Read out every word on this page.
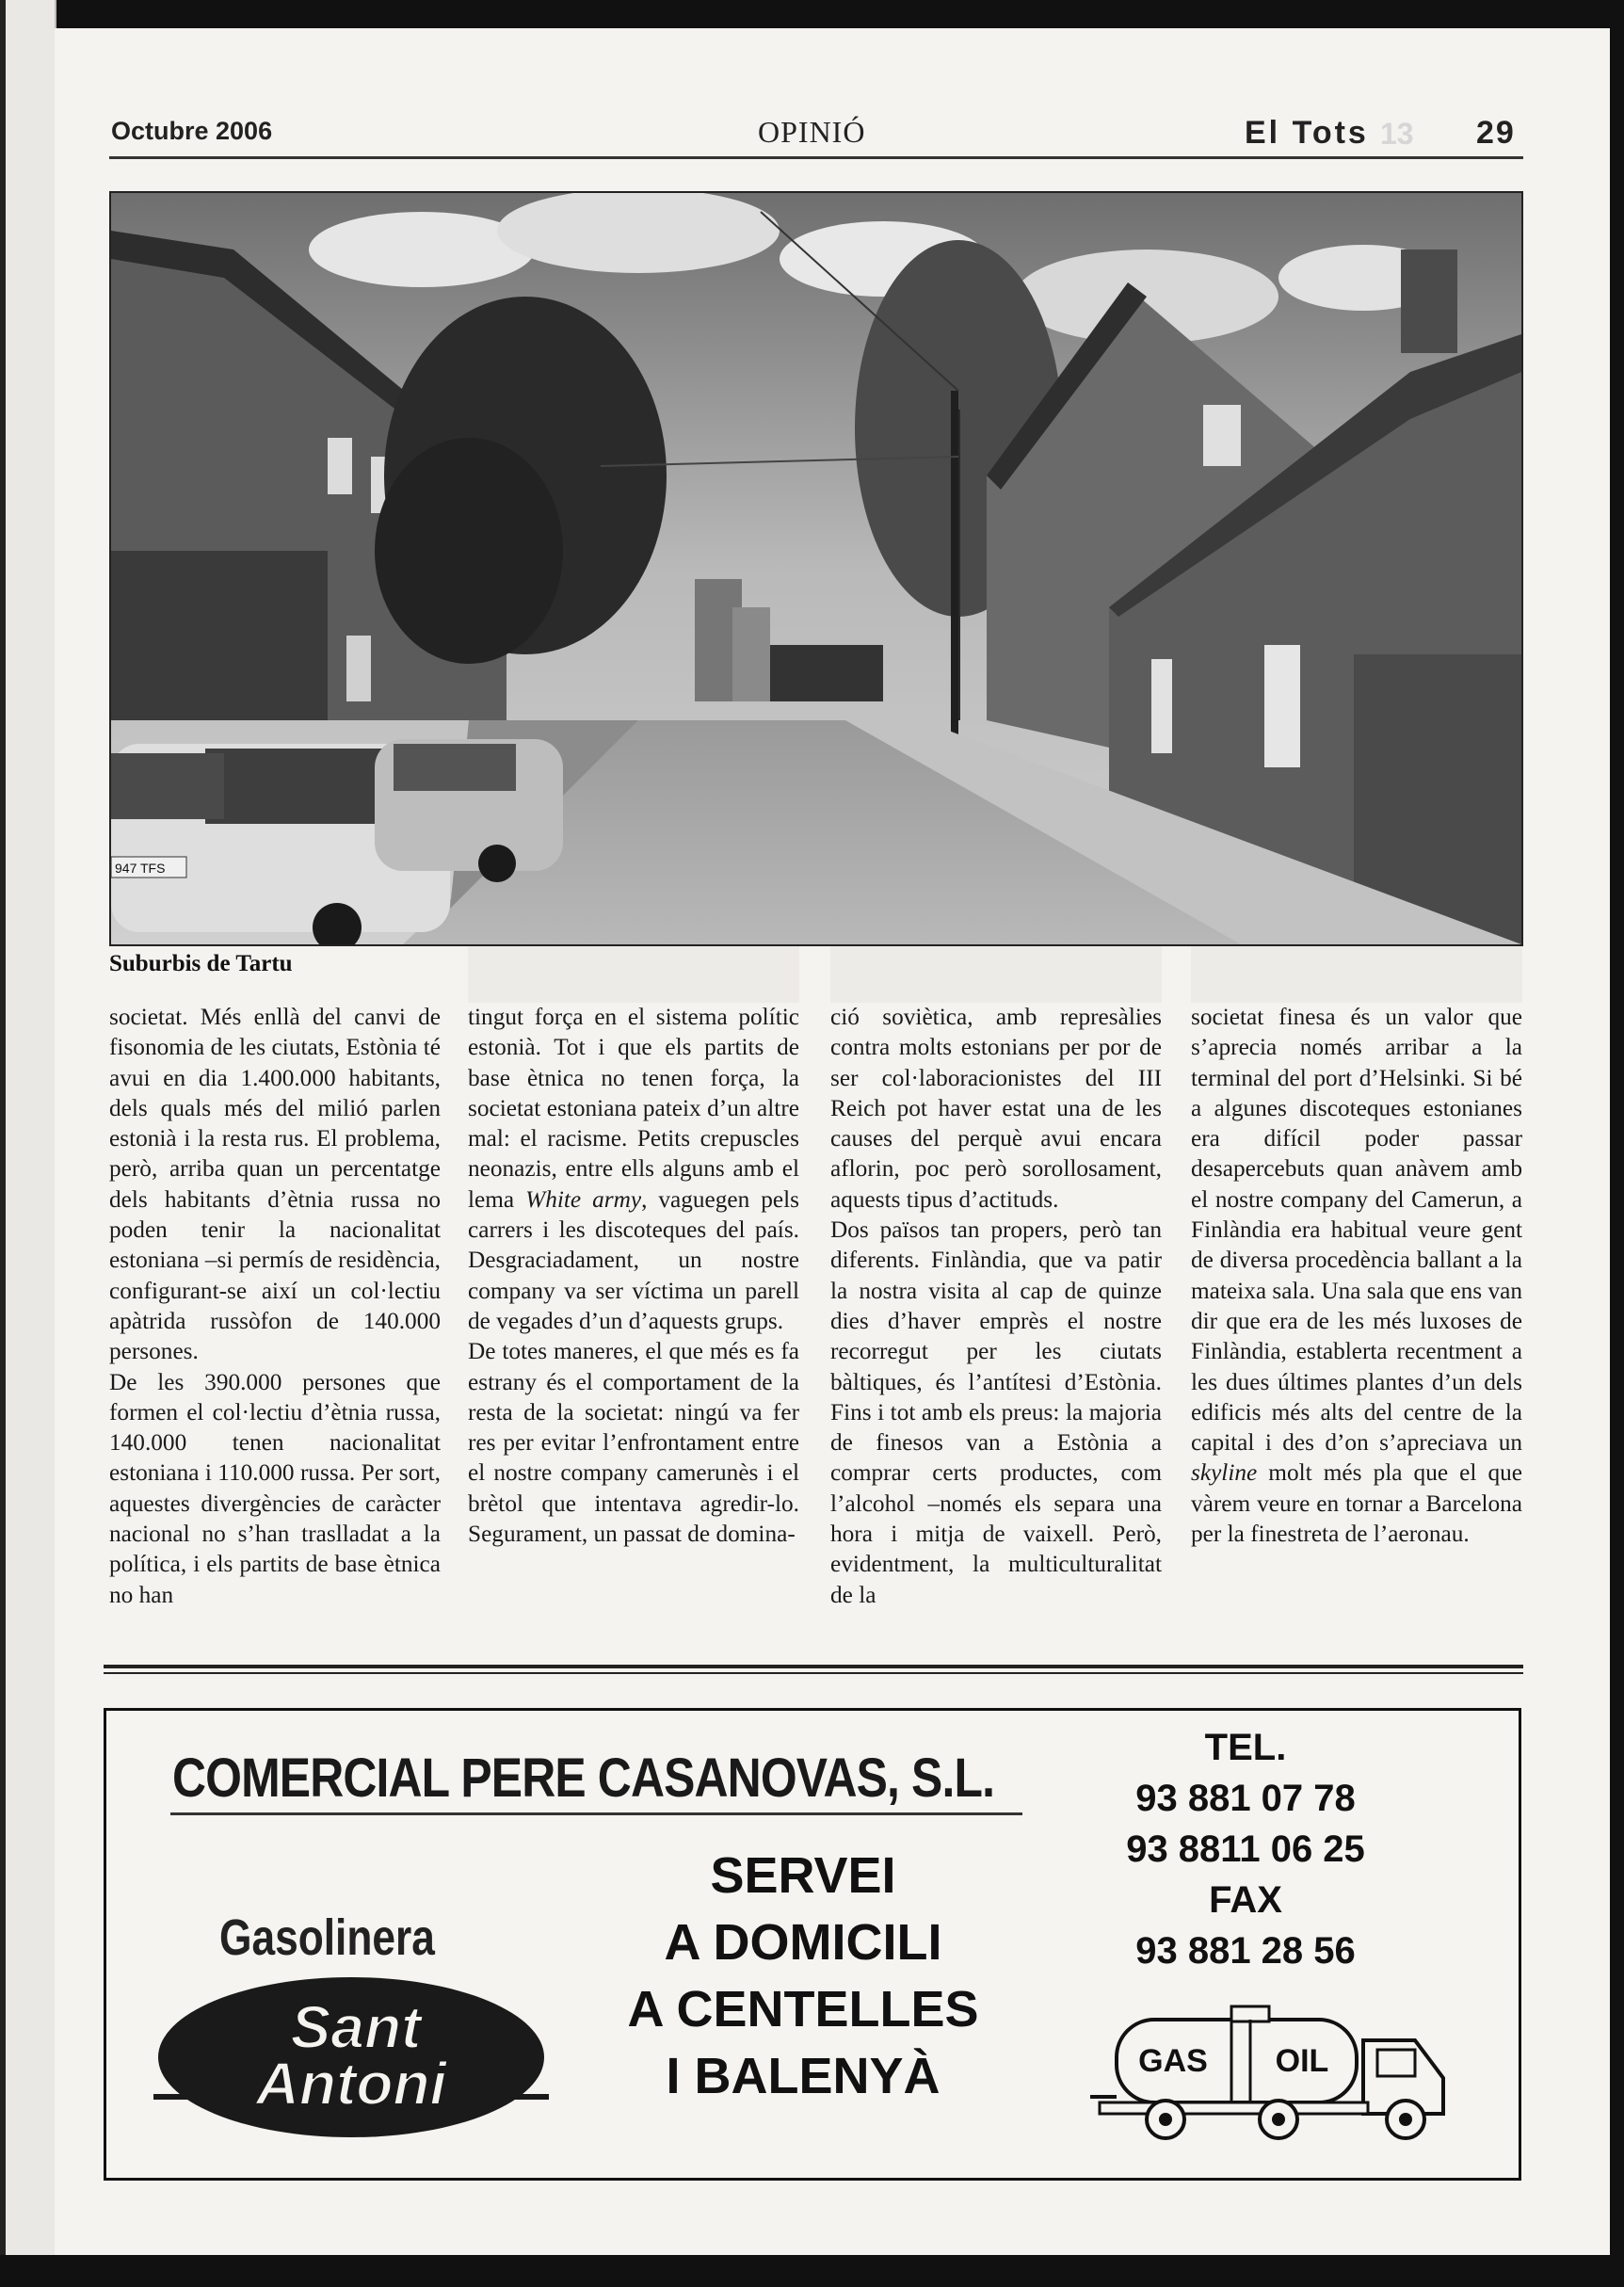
Octubre 2006	OPINIÓ	El Tots 13 29
947 TFS
Suburbis de Tartu

societat. Més enllà del canvi de fisonomia de les ciutats, Estònia té avui en dia 1.400.000 habitants, dels quals més del milió parlen estonià i la resta rus. El problema, però, arriba quan un percentatge dels habitants d’ètnia russa no poden tenir la nacionalitat estoniana –si permís de residència, configurant-se així un col·lectiu apàtrida russòfon de 140.000 persones.

De les 390.000 persones que formen el col·lectiu d’ètnia russa, 140.000 tenen nacionalitat estoniana i 110.000 russa. Per sort, aquestes divergències de caràcter nacional no s’han traslladat a la política, i els partits de base ètnica no han

tingut força en el sistema polític estonià. Tot i que els partits de base ètnica no tenen força, la societat estoniana pateix d’un altre mal: el racisme. Petits crepuscles neonazis, entre ells alguns amb el lema White army, vaguegen pels carrers i les discoteques del país. Desgraciadament, un nostre company va ser víctima un parell de vegades d’un d’aquests grups.

De totes maneres, el que més es fa estrany és el comportament de la resta de la societat: ningú va fer res per evitar l’enfrontament entre el nostre company camerunès i el brètol que intentava agredir-lo. Segurament, un passat de domina-

ció soviètica, amb represàlies contra molts estonians per por de ser col·laboracionistes del III Reich pot haver estat una de les causes del perquè avui encara aflorin, poc però sorollosament, aquests tipus d’actituds.

Dos països tan propers, però tan diferents. Finlàndia, que va patir la nostra visita al cap de quinze dies d’haver emprès el nostre recorregut per les ciutats bàltiques, és l’antítesi d’Estònia. Fins i tot amb els preus: la majoria de finesos van a Estònia a comprar certs productes, com l’alcohol –només els separa una hora i mitja de vaixell. Però, evidentment, la multiculturalitat de la

societat finesa és un valor que s’aprecia només arribar a la terminal del port d’Helsinki. Si bé a algunes discoteques estonianes era difícil poder passar desapercebuts quan anàvem amb el nostre company del Camerun, a Finlàndia era habitual veure gent de diversa procedència ballant a la mateixa sala. Una sala que ens van dir que era de les més luxoses de Finlàndia, establerta recentment a les dues últimes plantes d’un dels edificis més alts del centre de la capital i des d’on s’apreciava un skyline molt més pla que el que vàrem veure en tornar a Barcelona per la finestreta de l’aeronau.

COMERCIAL PERE CASANOVAS, S.L.
Gasolinera
Sant
Antoni
SERVEI
A DOMICILI
A CENTELLES
I BALENYÀ
TEL.
93 881 07 78
93 8811 06 25
FAX
93 881 28 56
GAS OIL
